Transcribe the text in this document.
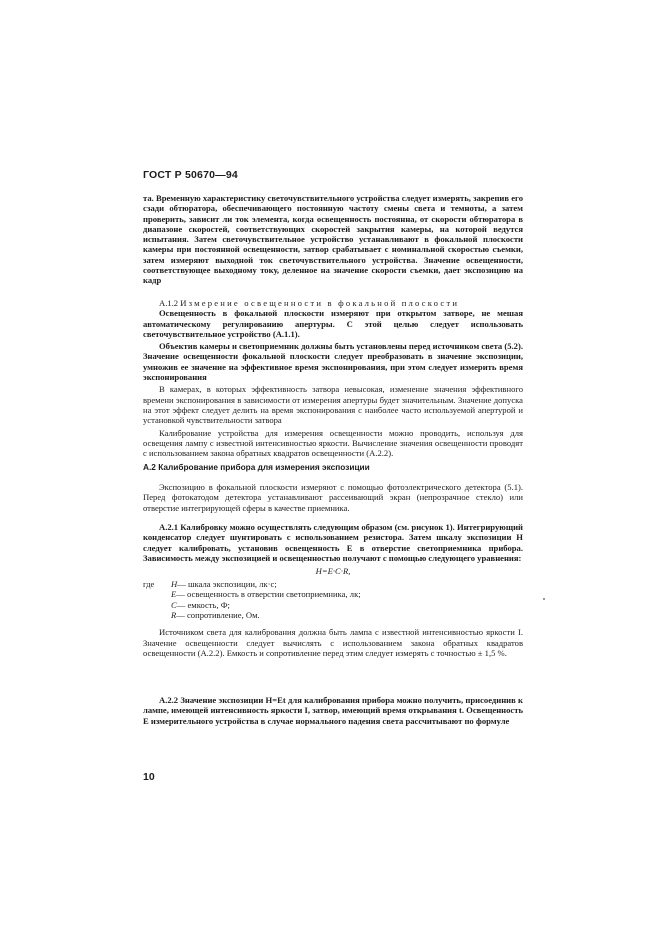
ГОСТ Р 50670—94

та. Временную характеристику светочувствительного устройства следует измерять, закрепив его сзади обтюратора, обеспечивающего постоянную частоту смены света и темноты, а затем проверить, зависит ли ток элемента, когда освещенность постоянна, от скорости обтюратора в диапазоне скоростей, соответствующих скоростей закрытия камеры, на которой ведутся испытания. Затем светочувствительное устройство устанавливают в фокальной плоскости камеры при постоянной освещенности, затвор срабатывает с номинальной скоростью съемки, затем измеряют выходной ток светочувствительного устройства. Значение освещенности, соответствующее выходному току, деленное на значение скорости съемки, дает экспозицию на кадр

А.1.2 Измерение освещенности в фокальной плоскости

Освещенность в фокальной плоскости измеряют при открытом затворе, не мешая автоматическому регулированию апертуры. С этой целью следует использовать светочувствительное устройство (А.1.1).

Объектив камеры и светоприемник должны быть установлены перед источником света (5.2). Значение освещенности фокальной плоскости следует преобразовать в значение экспозиции, умножив ее значение на эффективное время экспонирования, при этом следует измерить время экспонирования

В камерах, в которых эффективность затвора невысокая, изменение значения эффективного времени экспонирования в зависимости от измерения апертуры будет значительным. Значение допуска на этот эффект следует делить на время экспонирования с наиболее часто используемой апертурой и установкой чувствительности затвора

Калибрование устройства для измерения освещенности можно проводить, используя для освещения лампу с известной интенсивностью яркости. Вычисление значения освещенности проводят с использованием закона обратных квадратов освещенности (А.2.2).

А.2 Калибрование прибора для измерения экспозиции

Экспозицию в фокальной плоскости измеряют с помощью фотоэлектрического детектора (5.1). Перед фотокатодом детектора устанавливают рассеивающий экран (непрозрачное стекло) или отверстие интегрирующей сферы в качестве приемника.

А.2.1 Калибровку можно осуществлять следующим образом (см. рисунок 1). Интегрирующий конденсатор следует шунтировать с использованием резистора. Затем шкалу экспозиции H следует калибровать, установив освещенность E в отверстие светоприемника прибора. Зависимость между экспозицией и освещенностью получают с помощью следующего уравнения:

H=E·C·R,
где	H — шкала экспозиции, лк·с;
E — освещенность в отверстии светоприемника, лк;
C — емкость, Ф;
R — сопротивление, Ом.

Источником света для калибрования должна быть лампа с известной интенсивностью яркости I. Значение освещенности следует вычислять с использованием закона обратных квадратов освещенности (А.2.2). Емкость и сопротивление перед этим следует измерять с точностью ± 1,5 %.

А.2.2 Значение экспозиции H=Et для калибрования прибора можно получить, присоединив к лампе, имеющей интенсивность яркости I, затвор, имеющий время открывания t. Освещенность E измерительного устройства в случае нормального падения света рассчитывают по формуле

10
